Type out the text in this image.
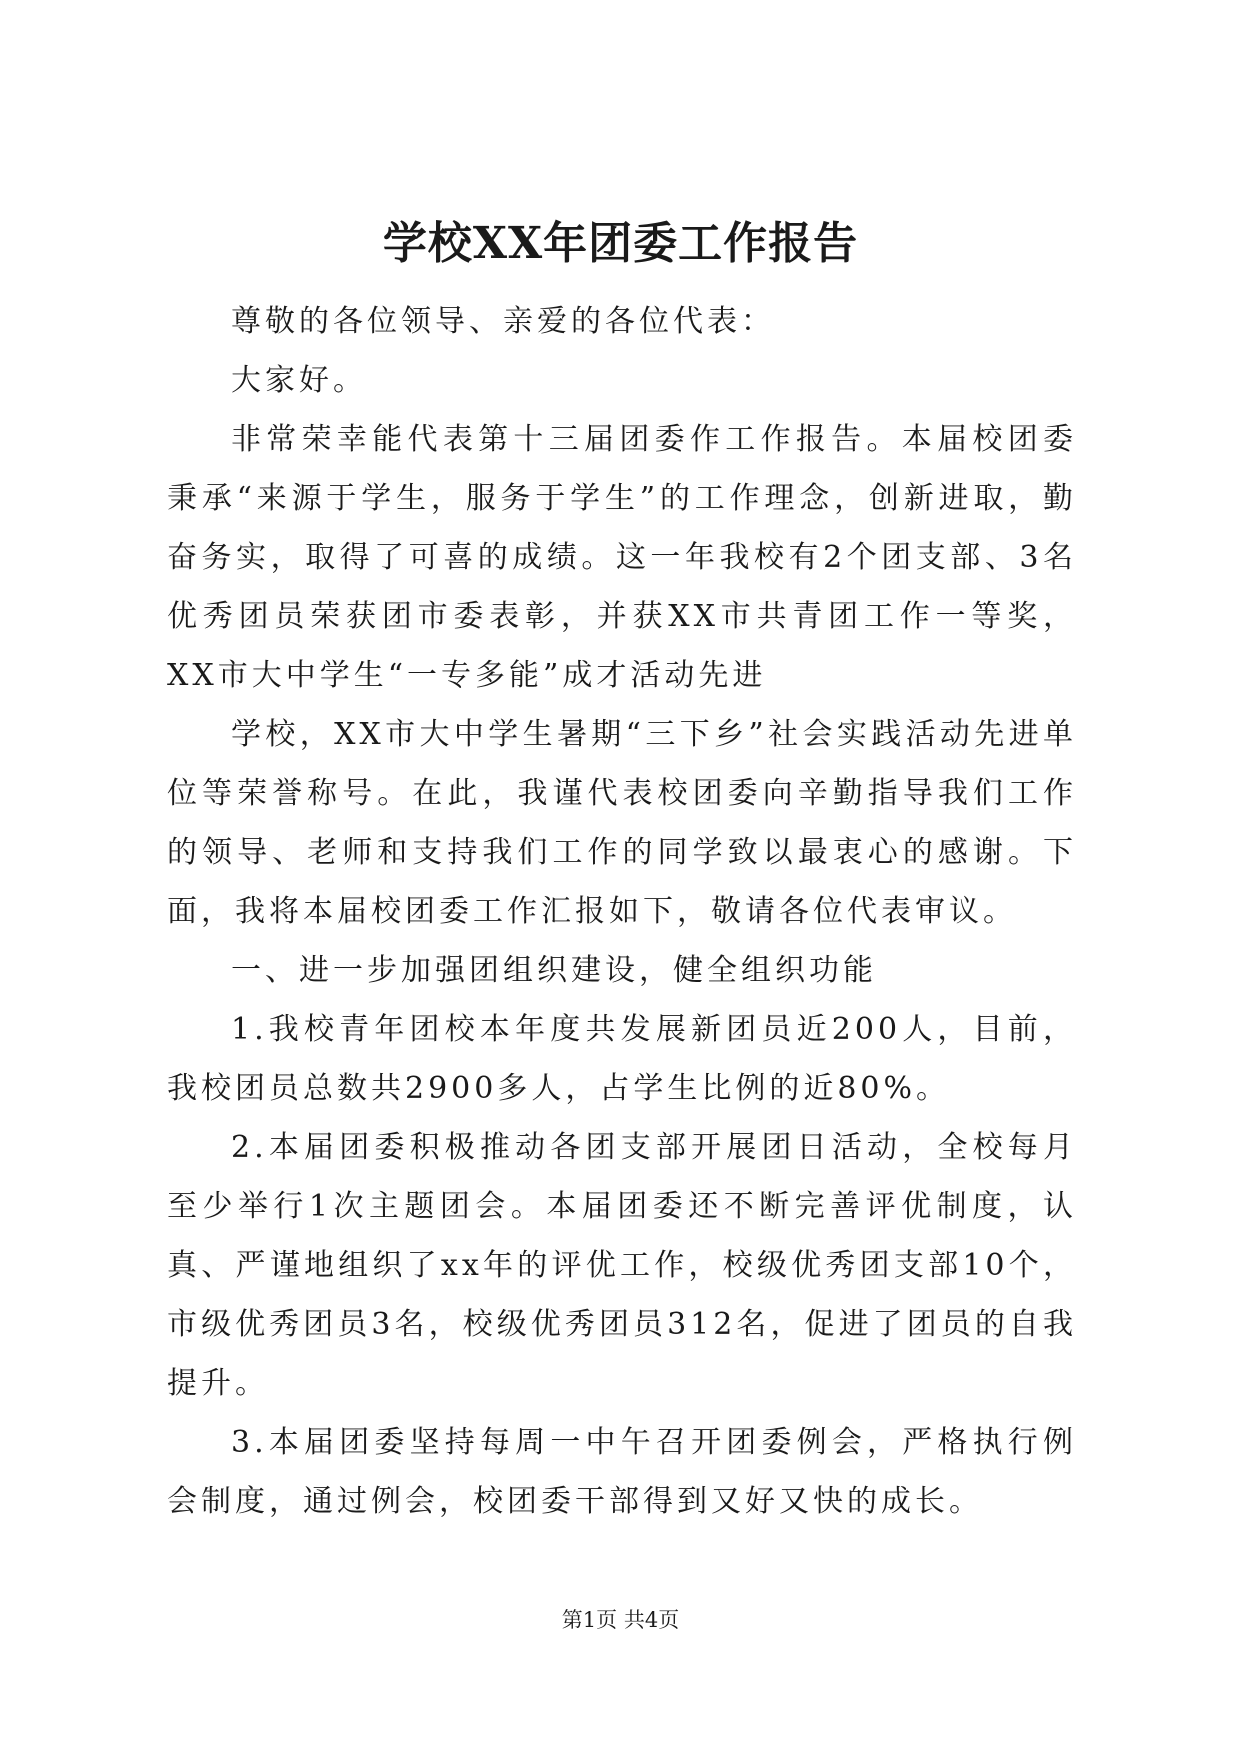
学校XX年团委工作报告

尊敬的各位领导、亲爱的各位代表：

大家好。

非常荣幸能代表第十三届团委作工作报告。本届校团委秉承“来源于学生，服务于学生”的工作理念，创新进取，勤奋务实，取得了可喜的成绩。这一年我校有2个团支部、3名优秀团员荣获团市委表彰，并获XX市共青团工作一等奖，XX市大中学生“一专多能”成才活动先进

学校，XX市大中学生暑期“三下乡”社会实践活动先进单位等荣誉称号。在此，我谨代表校团委向辛勤指导我们工作的领导、老师和支持我们工作的同学致以最衷心的感谢。下面，我将本届校团委工作汇报如下，敬请各位代表审议。

一、进一步加强团组织建设，健全组织功能

1.我校青年团校本年度共发展新团员近200人，目前，我校团员总数共2900多人，占学生比例的近80%。

2.本届团委积极推动各团支部开展团日活动，全校每月至少举行1次主题团会。本届团委还不断完善评优制度，认真、严谨地组织了xx年的评优工作，校级优秀团支部10个，市级优秀团员3名，校级优秀团员312名，促进了团员的自我提升。

3.本届团委坚持每周一中午召开团委例会，严格执行例会制度，通过例会，校团委干部得到又好又快的成长。

第1页 共4页
